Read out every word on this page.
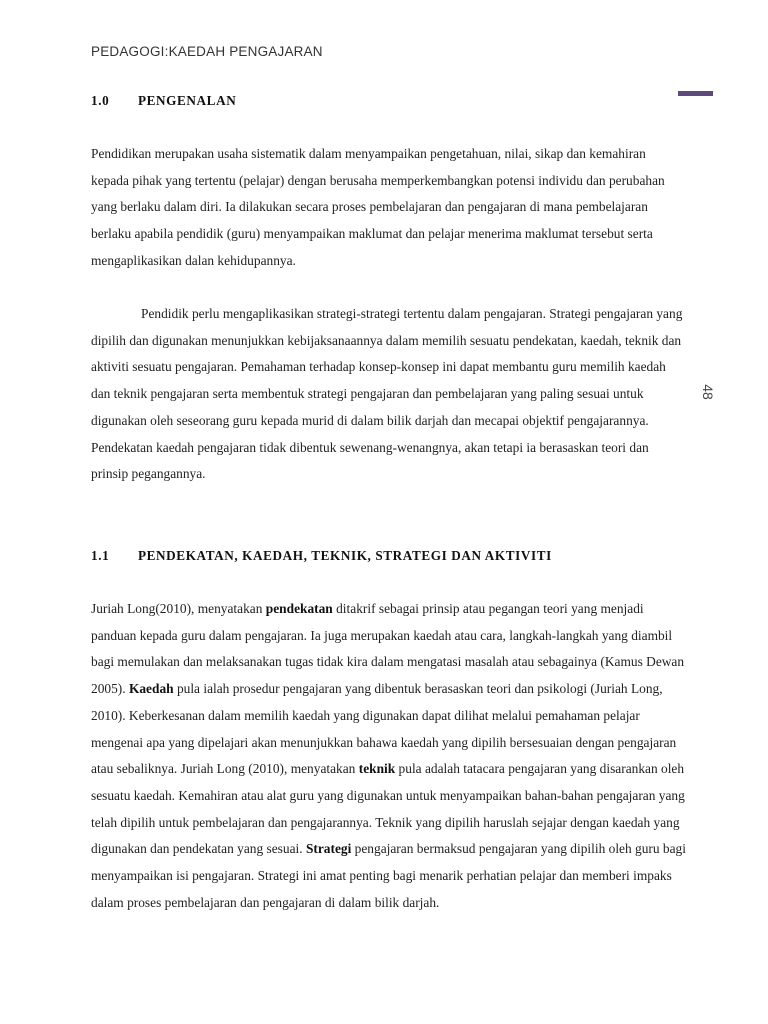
PEDAGOGI:KAEDAH PENGAJARAN
48
1.0 PENGENALAN

Pendidikan merupakan usaha sistematik dalam menyampaikan pengetahuan, nilai, sikap dan kemahiran kepada pihak yang tertentu (pelajar) dengan berusaha memperkembangkan potensi individu dan perubahan yang berlaku dalam diri. Ia dilakukan secara proses pembelajaran dan pengajaran di mana pembelajaran berlaku apabila pendidik (guru) menyampaikan maklumat dan pelajar menerima maklumat tersebut serta mengaplikasikan dalan kehidupannya.

Pendidik perlu mengaplikasikan strategi-strategi tertentu dalam pengajaran. Strategi pengajaran yang dipilih dan digunakan menunjukkan kebijaksanaannya dalam memilih sesuatu pendekatan, kaedah, teknik dan aktiviti sesuatu pengajaran. Pemahaman terhadap konsep-konsep ini dapat membantu guru memilih kaedah dan teknik pengajaran serta membentuk strategi pengajaran dan pembelajaran yang paling sesuai untuk digunakan oleh seseorang guru kepada murid di dalam bilik darjah dan mecapai objektif pengajarannya. Pendekatan kaedah pengajaran tidak dibentuk sewenang-wenangnya, akan tetapi ia berasaskan teori dan prinsip pegangannya.

1.1 PENDEKATAN, KAEDAH, TEKNIK, STRATEGI DAN AKTIVITI

Juriah Long(2010), menyatakan pendekatan ditakrif sebagai prinsip atau pegangan teori yang menjadi panduan kepada guru dalam pengajaran. Ia juga merupakan kaedah atau cara, langkah-langkah yang diambil bagi memulakan dan melaksanakan tugas tidak kira dalam mengatasi masalah atau sebagainya (Kamus Dewan 2005). Kaedah pula ialah prosedur pengajaran yang dibentuk berasaskan teori dan psikologi (Juriah Long, 2010). Keberkesanan dalam memilih kaedah yang digunakan dapat dilihat melalui pemahaman pelajar mengenai apa yang dipelajari akan menunjukkan bahawa kaedah yang dipilih bersesuaian dengan pengajaran atau sebaliknya. Juriah Long (2010), menyatakan teknik pula adalah tatacara pengajaran yang disarankan oleh sesuatu kaedah. Kemahiran atau alat guru yang digunakan untuk menyampaikan bahan-bahan pengajaran yang telah dipilih untuk pembelajaran dan pengajarannya. Teknik yang dipilih haruslah sejajar dengan kaedah yang digunakan dan pendekatan yang sesuai. Strategi pengajaran bermaksud pengajaran yang dipilih oleh guru bagi menyampaikan isi pengajaran. Strategi ini amat penting bagi menarik perhatian pelajar dan memberi impaks dalam proses pembelajaran dan pengajaran di dalam bilik darjah.
